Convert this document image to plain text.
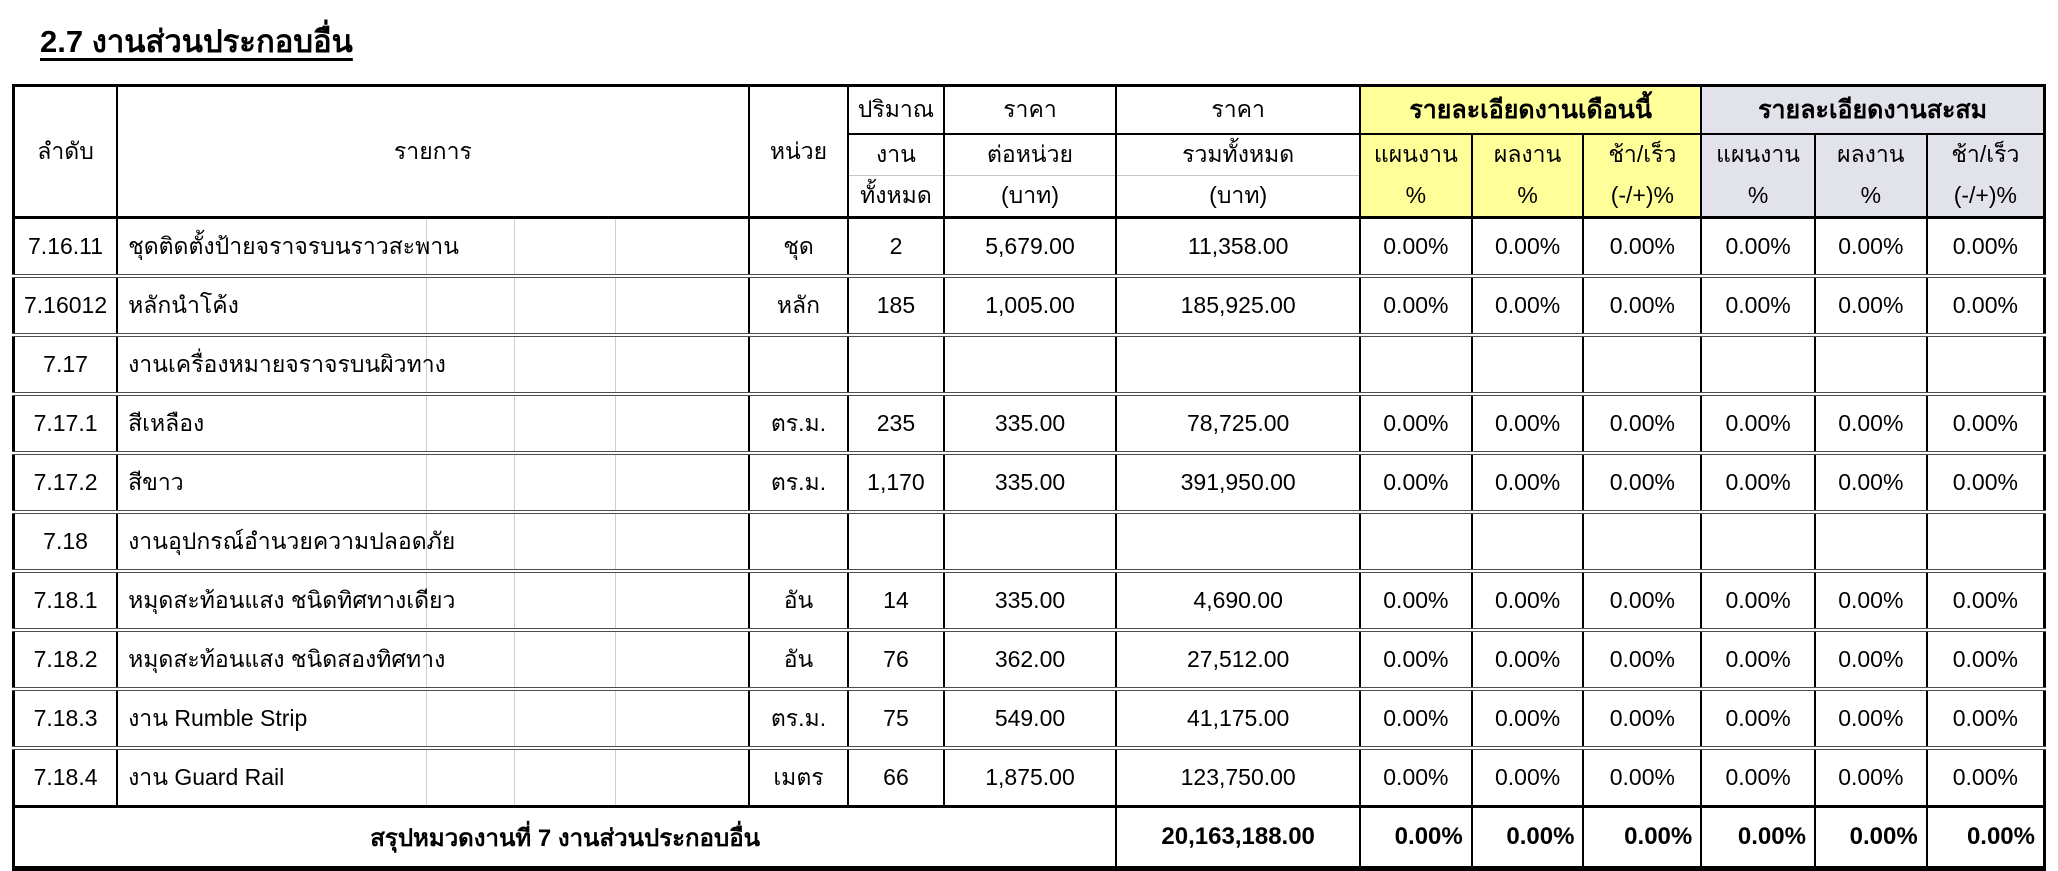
2.7 งานส่วนประกอบอื่น
ลำดับ	รายการ	หน่วย	ปริมาณ	ราคา	ราคา	รายละเอียดงานเดือนนี้			รายละเอียดงานสะสม		
			งาน	ต่อหน่วย	รวมทั้งหมด	แผนงาน	ผลงาน	ช้า/เร็ว	แผนงาน	ผลงาน	ช้า/เร็ว
			ทั้งหมด	(บาท)	(บาท)	%	%	(-/+)%	%	%	(-/+)%
7.16.11	ชุดติดตั้งป้ายจราจรบนราวสะพาน	ชุด	2	5,679.00	11,358.00	0.00%	0.00%	0.00%	0.00%	0.00%	0.00%
7.16012	หลักนำโค้ง	หลัก	185	1,005.00	185,925.00	0.00%	0.00%	0.00%	0.00%	0.00%	0.00%
7.17	งานเครื่องหมายจราจรบนผิวทาง										
7.17.1	สีเหลือง	ตร.ม.	235	335.00	78,725.00	0.00%	0.00%	0.00%	0.00%	0.00%	0.00%
7.17.2	สีขาว	ตร.ม.	1,170	335.00	391,950.00	0.00%	0.00%	0.00%	0.00%	0.00%	0.00%
7.18	งานอุปกรณ์อำนวยความปลอดภัย										
7.18.1	หมุดสะท้อนแสง ชนิดทิศทางเดียว	อัน	14	335.00	4,690.00	0.00%	0.00%	0.00%	0.00%	0.00%	0.00%
7.18.2	หมุดสะท้อนแสง ชนิดสองทิศทาง	อัน	76	362.00	27,512.00	0.00%	0.00%	0.00%	0.00%	0.00%	0.00%
7.18.3	งาน Rumble Strip	ตร.ม.	75	549.00	41,175.00	0.00%	0.00%	0.00%	0.00%	0.00%	0.00%
7.18.4	งาน Guard Rail	เมตร	66	1,875.00	123,750.00	0.00%	0.00%	0.00%	0.00%	0.00%	0.00%
สรุปหมวดงานที่ 7 งานส่วนประกอบอื่น					20,163,188.00	0.00%	0.00%	0.00%	0.00%	0.00%	0.00%
